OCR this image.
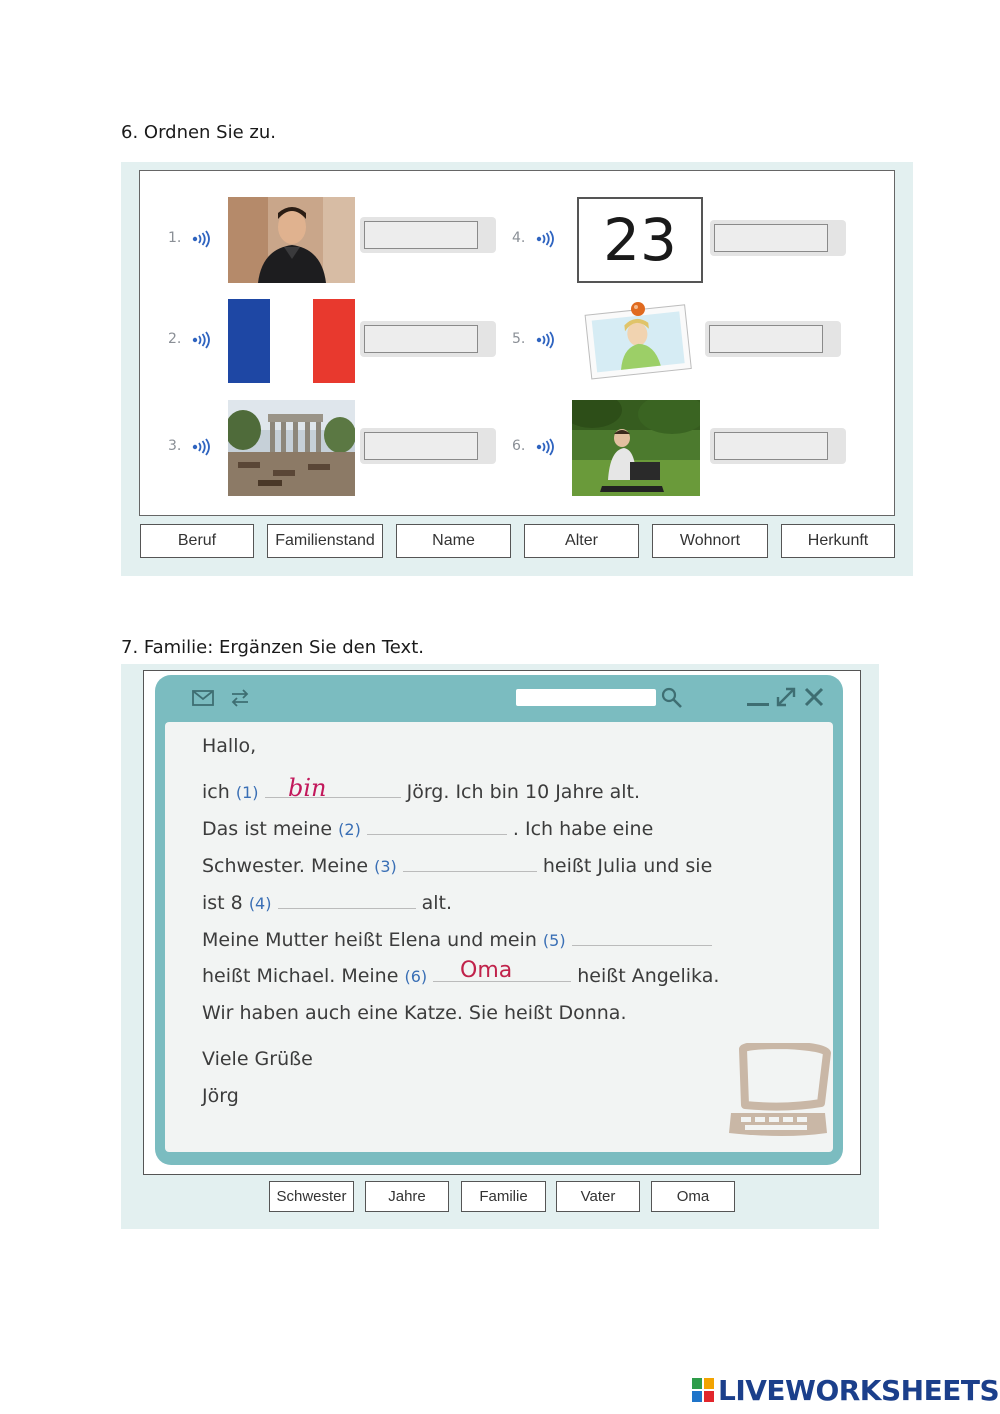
6. Ordnen Sie zu.
1.
2.
3.
4.	23
5.
6.
Beruf	Familienstand	Name	Alter	Wohnort	Herkunft
7. Familie: Ergänzen Sie den Text.
Hallo,
ich (1)	Jörg. Ich bin 10 Jahre alt.
bin
Das ist meine (2)	. Ich habe eine
Schwester. Meine (3)	heißt Julia und sie
ist 8 (4)	alt.
Meine Mutter heißt Elena und mein (5)
heißt Michael. Meine (6)	heißt Angelika.
Oma
Wir haben auch eine Katze. Sie heißt Donna.
Viele Grüße
Jörg
Schwester	Jahre	Familie	Vater	Oma
LIVEWORKSHEETS
